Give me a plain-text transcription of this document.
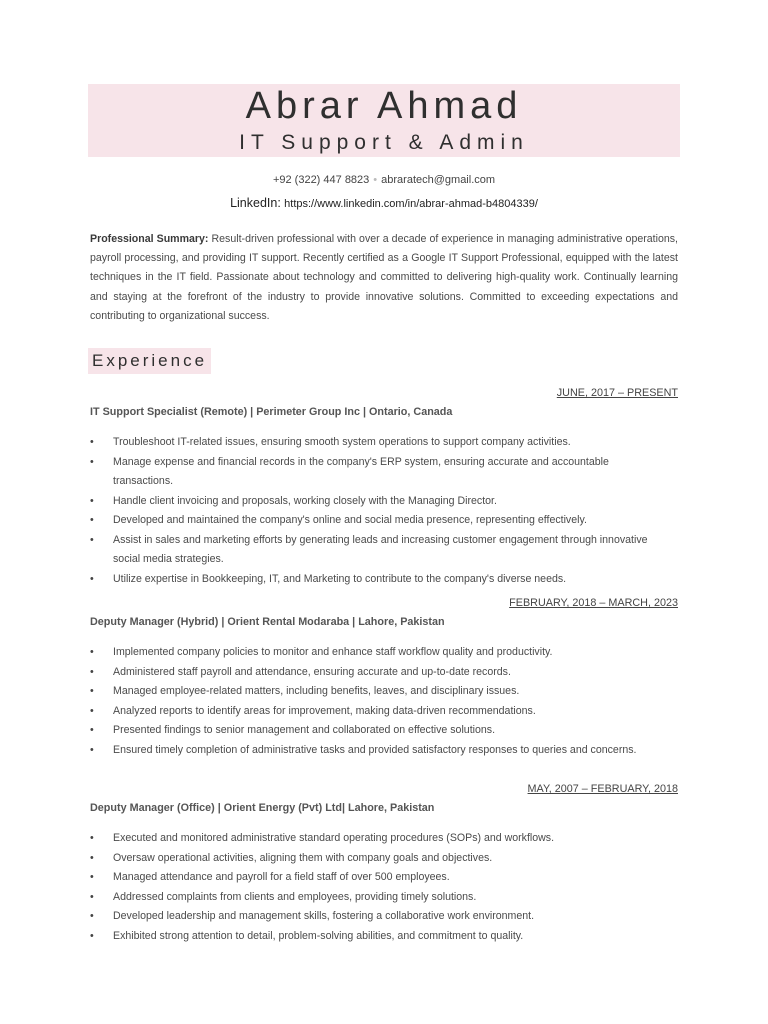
Abrar Ahmad
IT Support & Admin
+92 (322) 447 8823 • abraratech@gmail.com
LinkedIn: https://www.linkedin.com/in/abrar-ahmad-b4804339/
Professional Summary: Result-driven professional with over a decade of experience in managing administrative operations, payroll processing, and providing IT support. Recently certified as a Google IT Support Professional, equipped with the latest techniques in the IT field. Passionate about technology and committed to delivering high-quality work. Continually learning and staying at the forefront of the industry to provide innovative solutions. Committed to exceeding expectations and contributing to organizational success.
Experience
JUNE, 2017 – PRESENT
IT Support Specialist (Remote) | Perimeter Group Inc | Ontario, Canada
• Troubleshoot IT-related issues, ensuring smooth system operations to support company activities.
• Manage expense and financial records in the company's ERP system, ensuring accurate and accountable transactions.
• Handle client invoicing and proposals, working closely with the Managing Director.
• Developed and maintained the company's online and social media presence, representing effectively.
• Assist in sales and marketing efforts by generating leads and increasing customer engagement through innovative social media strategies.
• Utilize expertise in Bookkeeping, IT, and Marketing to contribute to the company's diverse needs.
FEBRUARY, 2018 – MARCH, 2023
Deputy Manager (Hybrid) | Orient Rental Modaraba | Lahore, Pakistan
• Implemented company policies to monitor and enhance staff workflow quality and productivity.
• Administered staff payroll and attendance, ensuring accurate and up-to-date records.
• Managed employee-related matters, including benefits, leaves, and disciplinary issues.
• Analyzed reports to identify areas for improvement, making data-driven recommendations.
• Presented findings to senior management and collaborated on effective solutions.
• Ensured timely completion of administrative tasks and provided satisfactory responses to queries and concerns.
MAY, 2007 – FEBRUARY, 2018
Deputy Manager (Office) | Orient Energy (Pvt) Ltd| Lahore, Pakistan
• Executed and monitored administrative standard operating procedures (SOPs) and workflows.
• Oversaw operational activities, aligning them with company goals and objectives.
• Managed attendance and payroll for a field staff of over 500 employees.
• Addressed complaints from clients and employees, providing timely solutions.
• Developed leadership and management skills, fostering a collaborative work environment.
• Exhibited strong attention to detail, problem-solving abilities, and commitment to quality.
